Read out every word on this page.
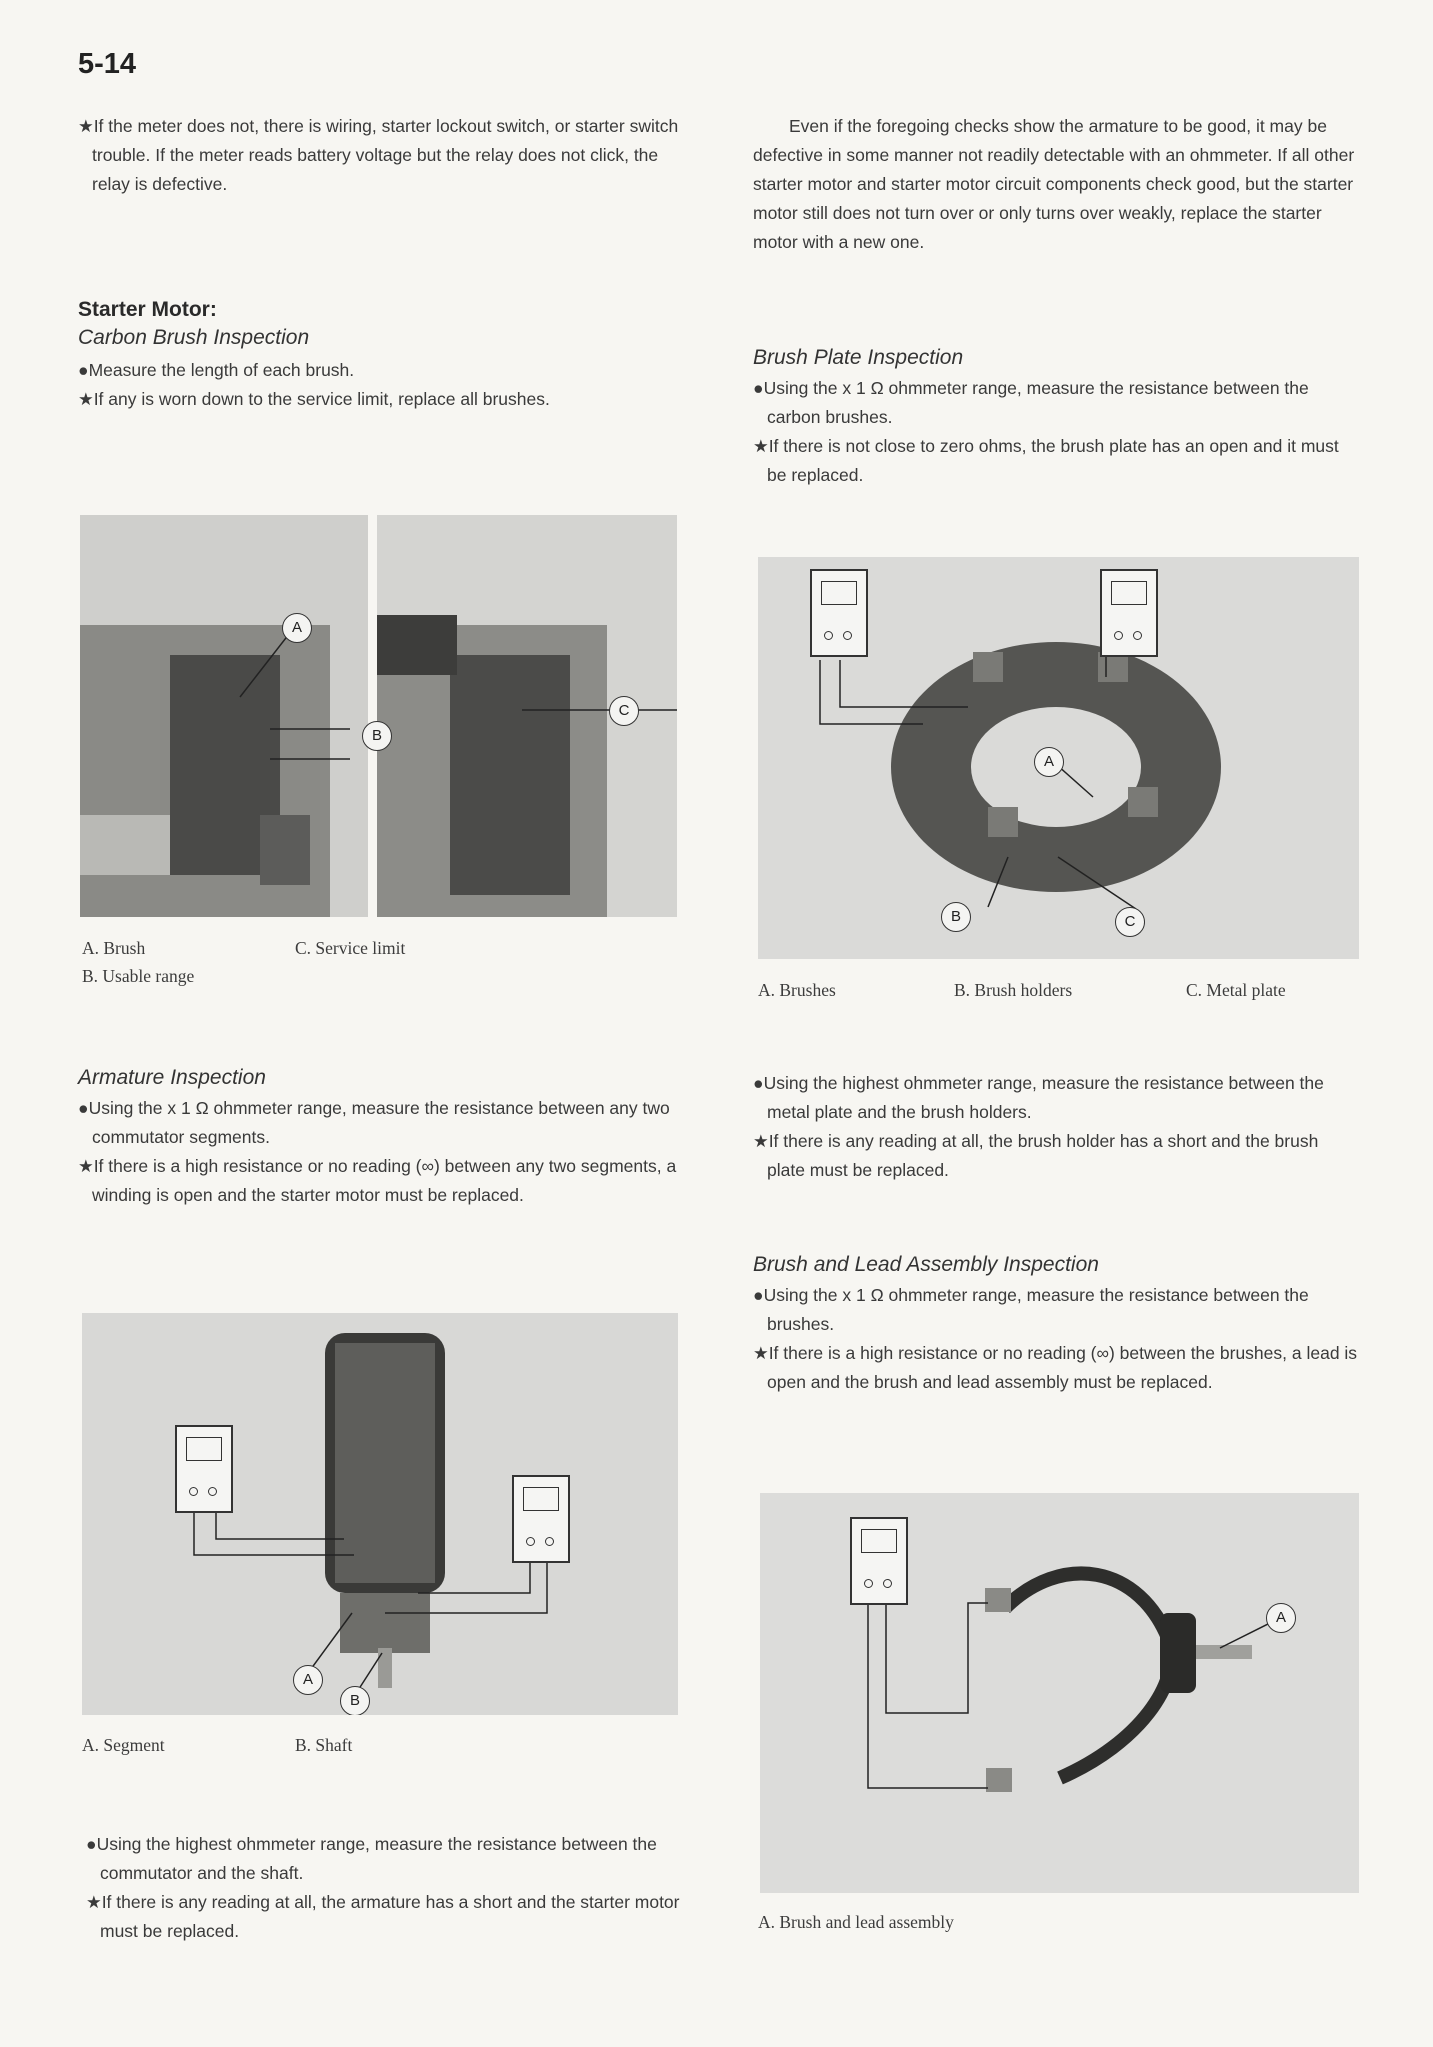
5-14

★If the meter does not, there is wiring, starter lockout switch, or starter switch trouble. If the meter reads battery voltage but the relay does not click, the relay is defective.

Starter Motor:
Carbon Brush Inspection

●Measure the length of each brush.

★If any is worn down to the service limit, replace all brushes.

A
B
C
A. Brush
B. Usable range
C. Service limit
Armature Inspection

●Using the x 1 Ω ohmmeter range, measure the resistance between any two commutator segments.

★If there is a high resistance or no reading (∞) between any two segments, a winding is open and the starter motor must be replaced.

A
B
A. Segment	B. Shaft

●Using the highest ohmmeter range, measure the resistance between the commutator and the shaft.

★If there is any reading at all, the armature has a short and the starter motor must be replaced.

Even if the foregoing checks show the armature to be good, it may be defective in some manner not readily detectable with an ohmmeter. If all other starter motor and starter motor circuit components check good, but the starter motor still does not turn over or only turns over weakly, replace the starter motor with a new one.

Brush Plate Inspection

●Using the x 1 Ω ohmmeter range, measure the resistance between the carbon brushes.

★If there is not close to zero ohms, the brush plate has an open and it must be replaced.

A
B	C
A. Brushes	B. Brush holders	C. Metal plate

●Using the highest ohmmeter range, measure the resistance between the metal plate and the brush holders.

★If there is any reading at all, the brush holder has a short and the brush plate must be replaced.

Brush and Lead Assembly Inspection

●Using the x 1 Ω ohmmeter range, measure the resistance between the brushes.

★If there is a high resistance or no reading (∞) between the brushes, a lead is open and the brush and lead assembly must be replaced.

A
A. Brush and lead assembly
